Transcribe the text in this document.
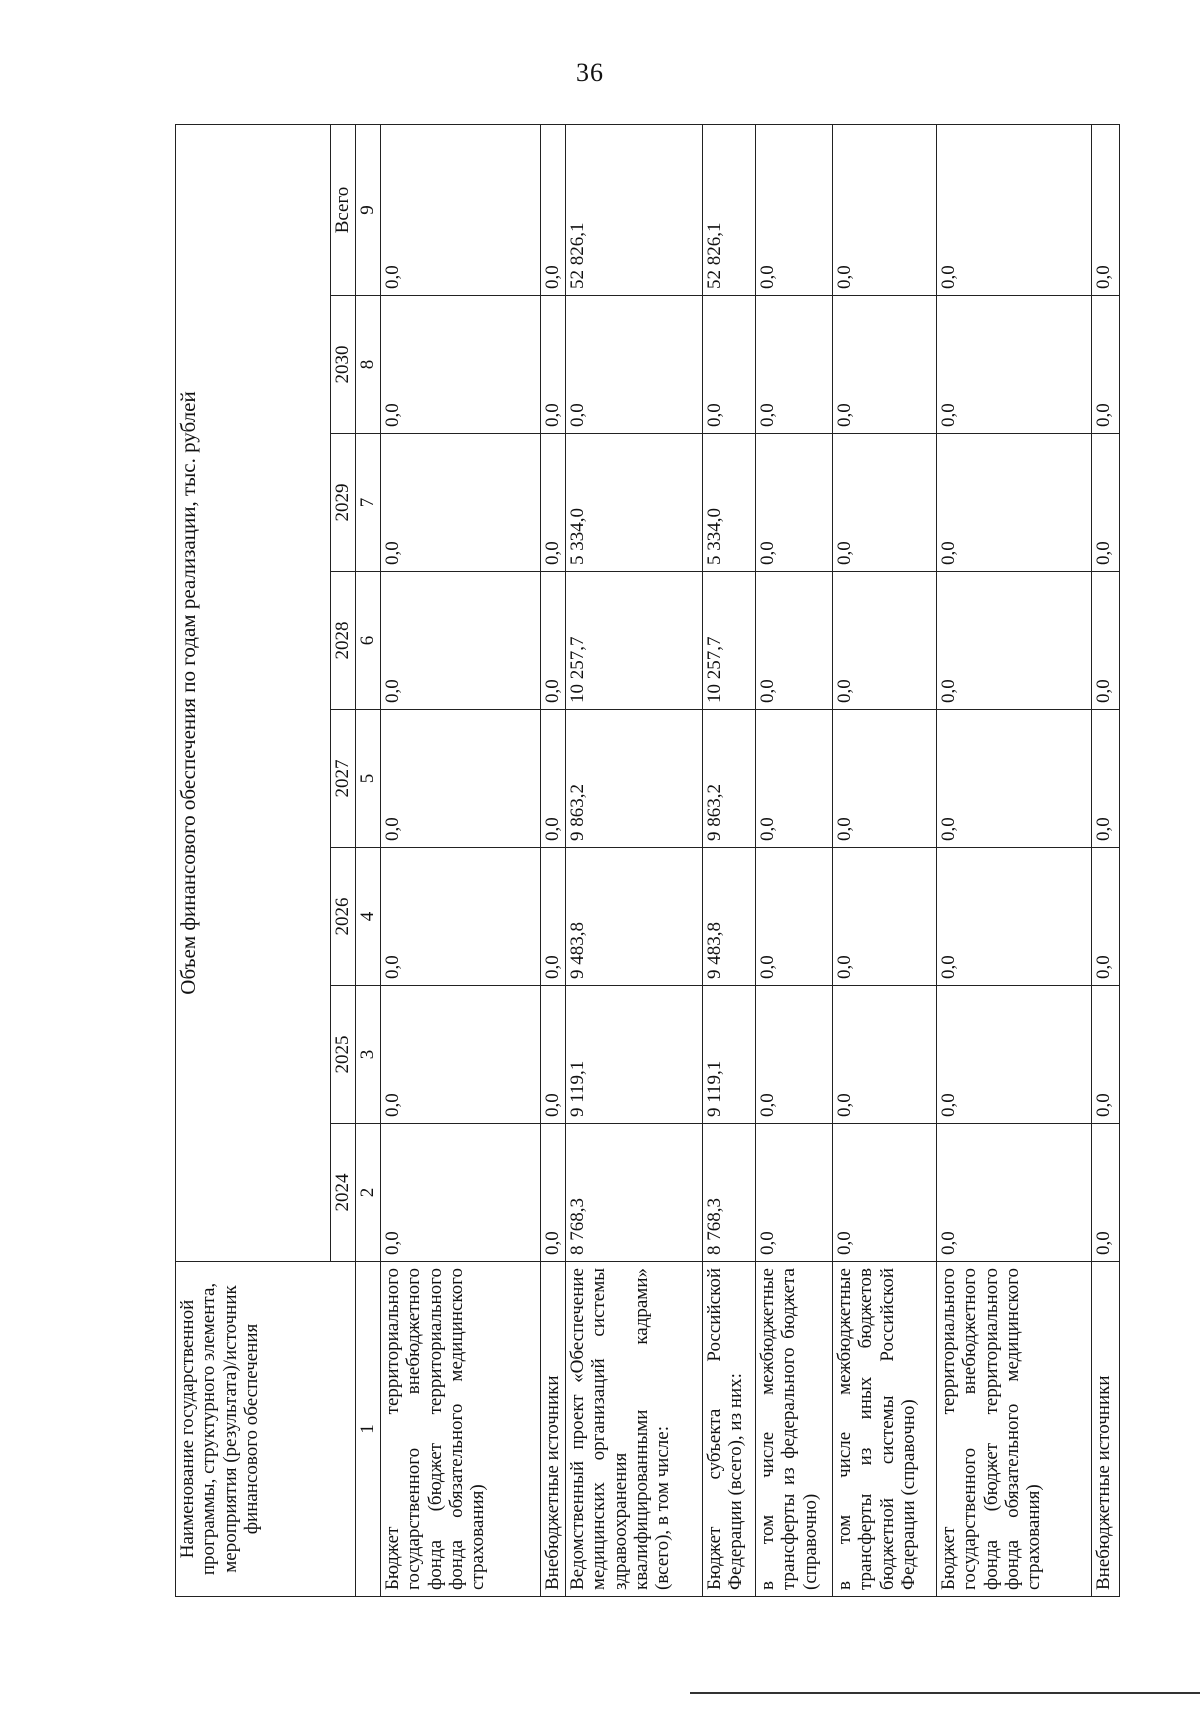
36
Наименование государственной программы, структурного элемента, мероприятия (результата)/источник финансового обеспечения	Объем финансового обеспечения по годам реализации, тыс. рублей							
	2024	2025	2026	2027	2028	2029	2030	Всего
1	2	3	4	5	6	7	8	9
Бюджет территориального государственного внебюджетного фонда (бюджет территориального фонда обязательного медицинского страхования)	0,0	0,0	0,0	0,0	0,0	0,0	0,0	0,0
Внебюджетные источники	0,0	0,0	0,0	0,0	0,0	0,0	0,0	0,0
Ведомственный проект «Обеспечение медицинских организаций системы здравоохранения квалифицированными кадрами» (всего), в том числе:	8 768,3	9 119,1	9 483,8	9 863,2	10 257,7	5 334,0	0,0	52 826,1
Бюджет субъекта Российской Федерации (всего), из них:	8 768,3	9 119,1	9 483,8	9 863,2	10 257,7	5 334,0	0,0	52 826,1
в том числе межбюджетные трансферты из федерального бюджета (справочно)	0,0	0,0	0,0	0,0	0,0	0,0	0,0	0,0
в том числе межбюджетные трансферты из иных бюджетов бюджетной системы Российской Федерации (справочно)	0,0	0,0	0,0	0,0	0,0	0,0	0,0	0,0
Бюджет территориального государственного внебюджетного фонда (бюджет территориального фонда обязательного медицинского страхования)	0,0	0,0	0,0	0,0	0,0	0,0	0,0	0,0
Внебюджетные источники	0,0	0,0	0,0	0,0	0,0	0,0	0,0	0,0
